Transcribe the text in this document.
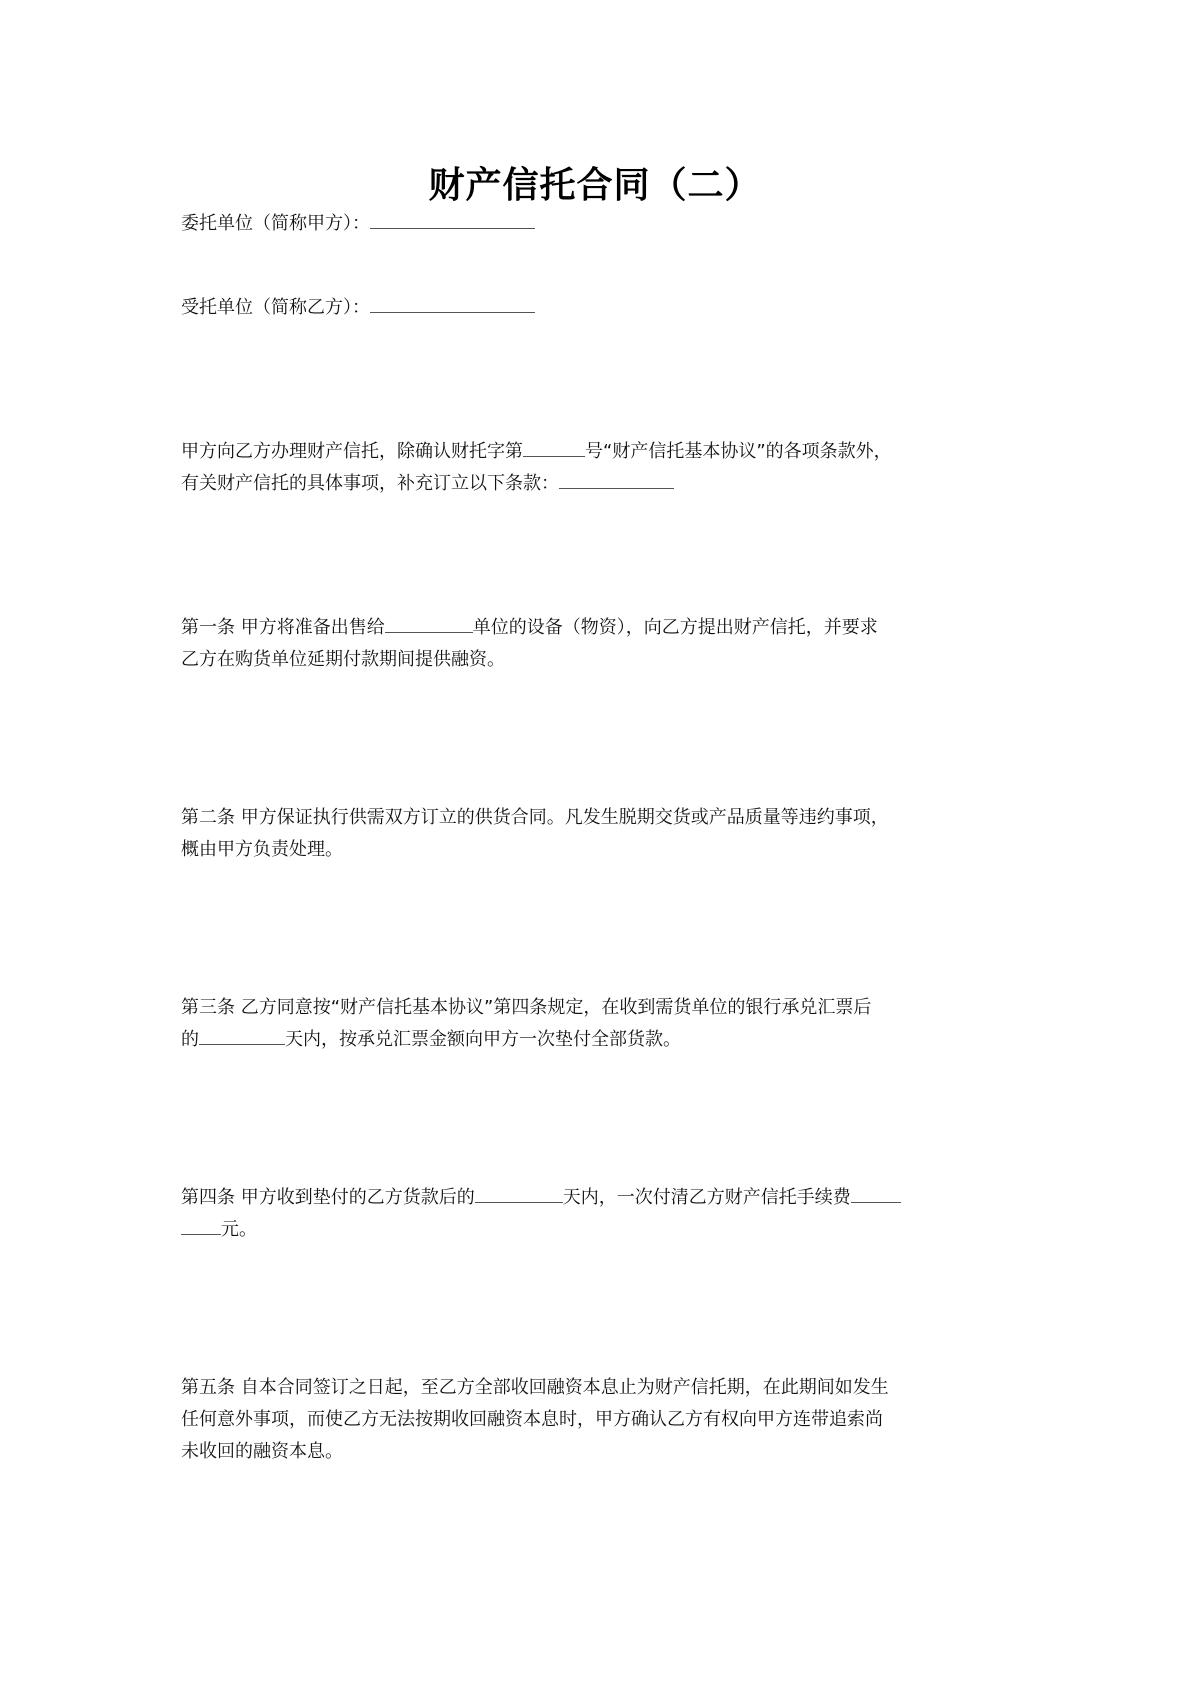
财产信托合同（二）
委托单位（简称甲方）：
受托单位（简称乙方）：
甲方向乙方办理财产信托，除确认财托字第	号“财产信托基本协议”的各项条款外，
有关财产信托的具体事项，补充订立以下条款：
第一条 甲方将准备出售给	单位的设备（物资），向乙方提出财产信托，并要求
乙方在购货单位延期付款期间提供融资。
第二条 甲方保证执行供需双方订立的供货合同。凡发生脱期交货或产品质量等违约事项，
概由甲方负责处理。
第三条 乙方同意按“财产信托基本协议”第四条规定，在收到需货单位的银行承兑汇票后
的	天内，按承兑汇票金额向甲方一次垫付全部货款。
第四条 甲方收到垫付的乙方货款后的	天内，一次付清乙方财产信托手续费
元。
第五条 自本合同签订之日起，至乙方全部收回融资本息止为财产信托期，在此期间如发生
任何意外事项，而使乙方无法按期收回融资本息时，甲方确认乙方有权向甲方连带追索尚
未收回的融资本息。
